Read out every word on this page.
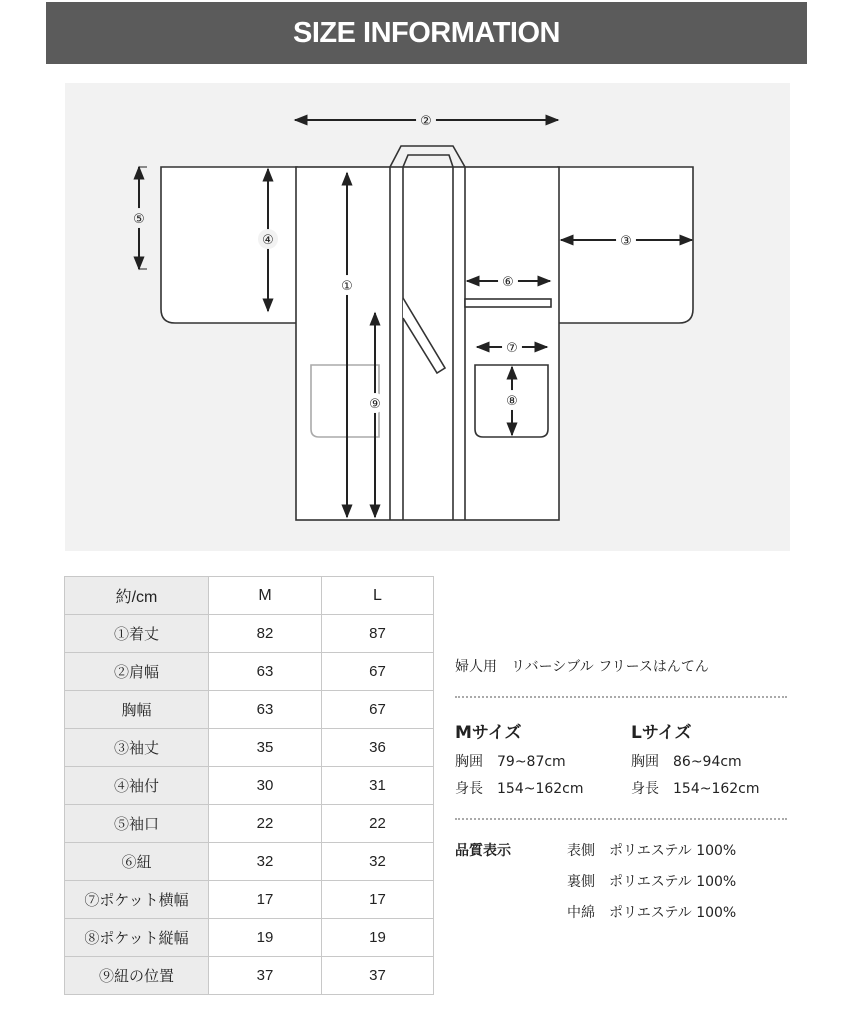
SIZE INFORMATION
②
⑤
④
①
⑨
③
⑥
⑦
⑧
約/cm	M	L
①着丈	82	87
②肩幅	63	67
胸幅	63	67
③袖丈	35	36
④袖付	30	31
⑤袖口	22	22
⑥紐	32	32
⑦ポケット横幅	17	17
⑧ポケット縦幅	19	19
⑨紐の位置	37	37
婦人用　リバーシブル フリースはんてん
Mサイズ
胸囲　79~87cm
身長　154~162cm
Lサイズ
胸囲　86~94cm
身長　154~162cm
品質表示	表側　ポリエステル 100%
裏側　ポリエステル 100%
中綿　ポリエステル 100%
